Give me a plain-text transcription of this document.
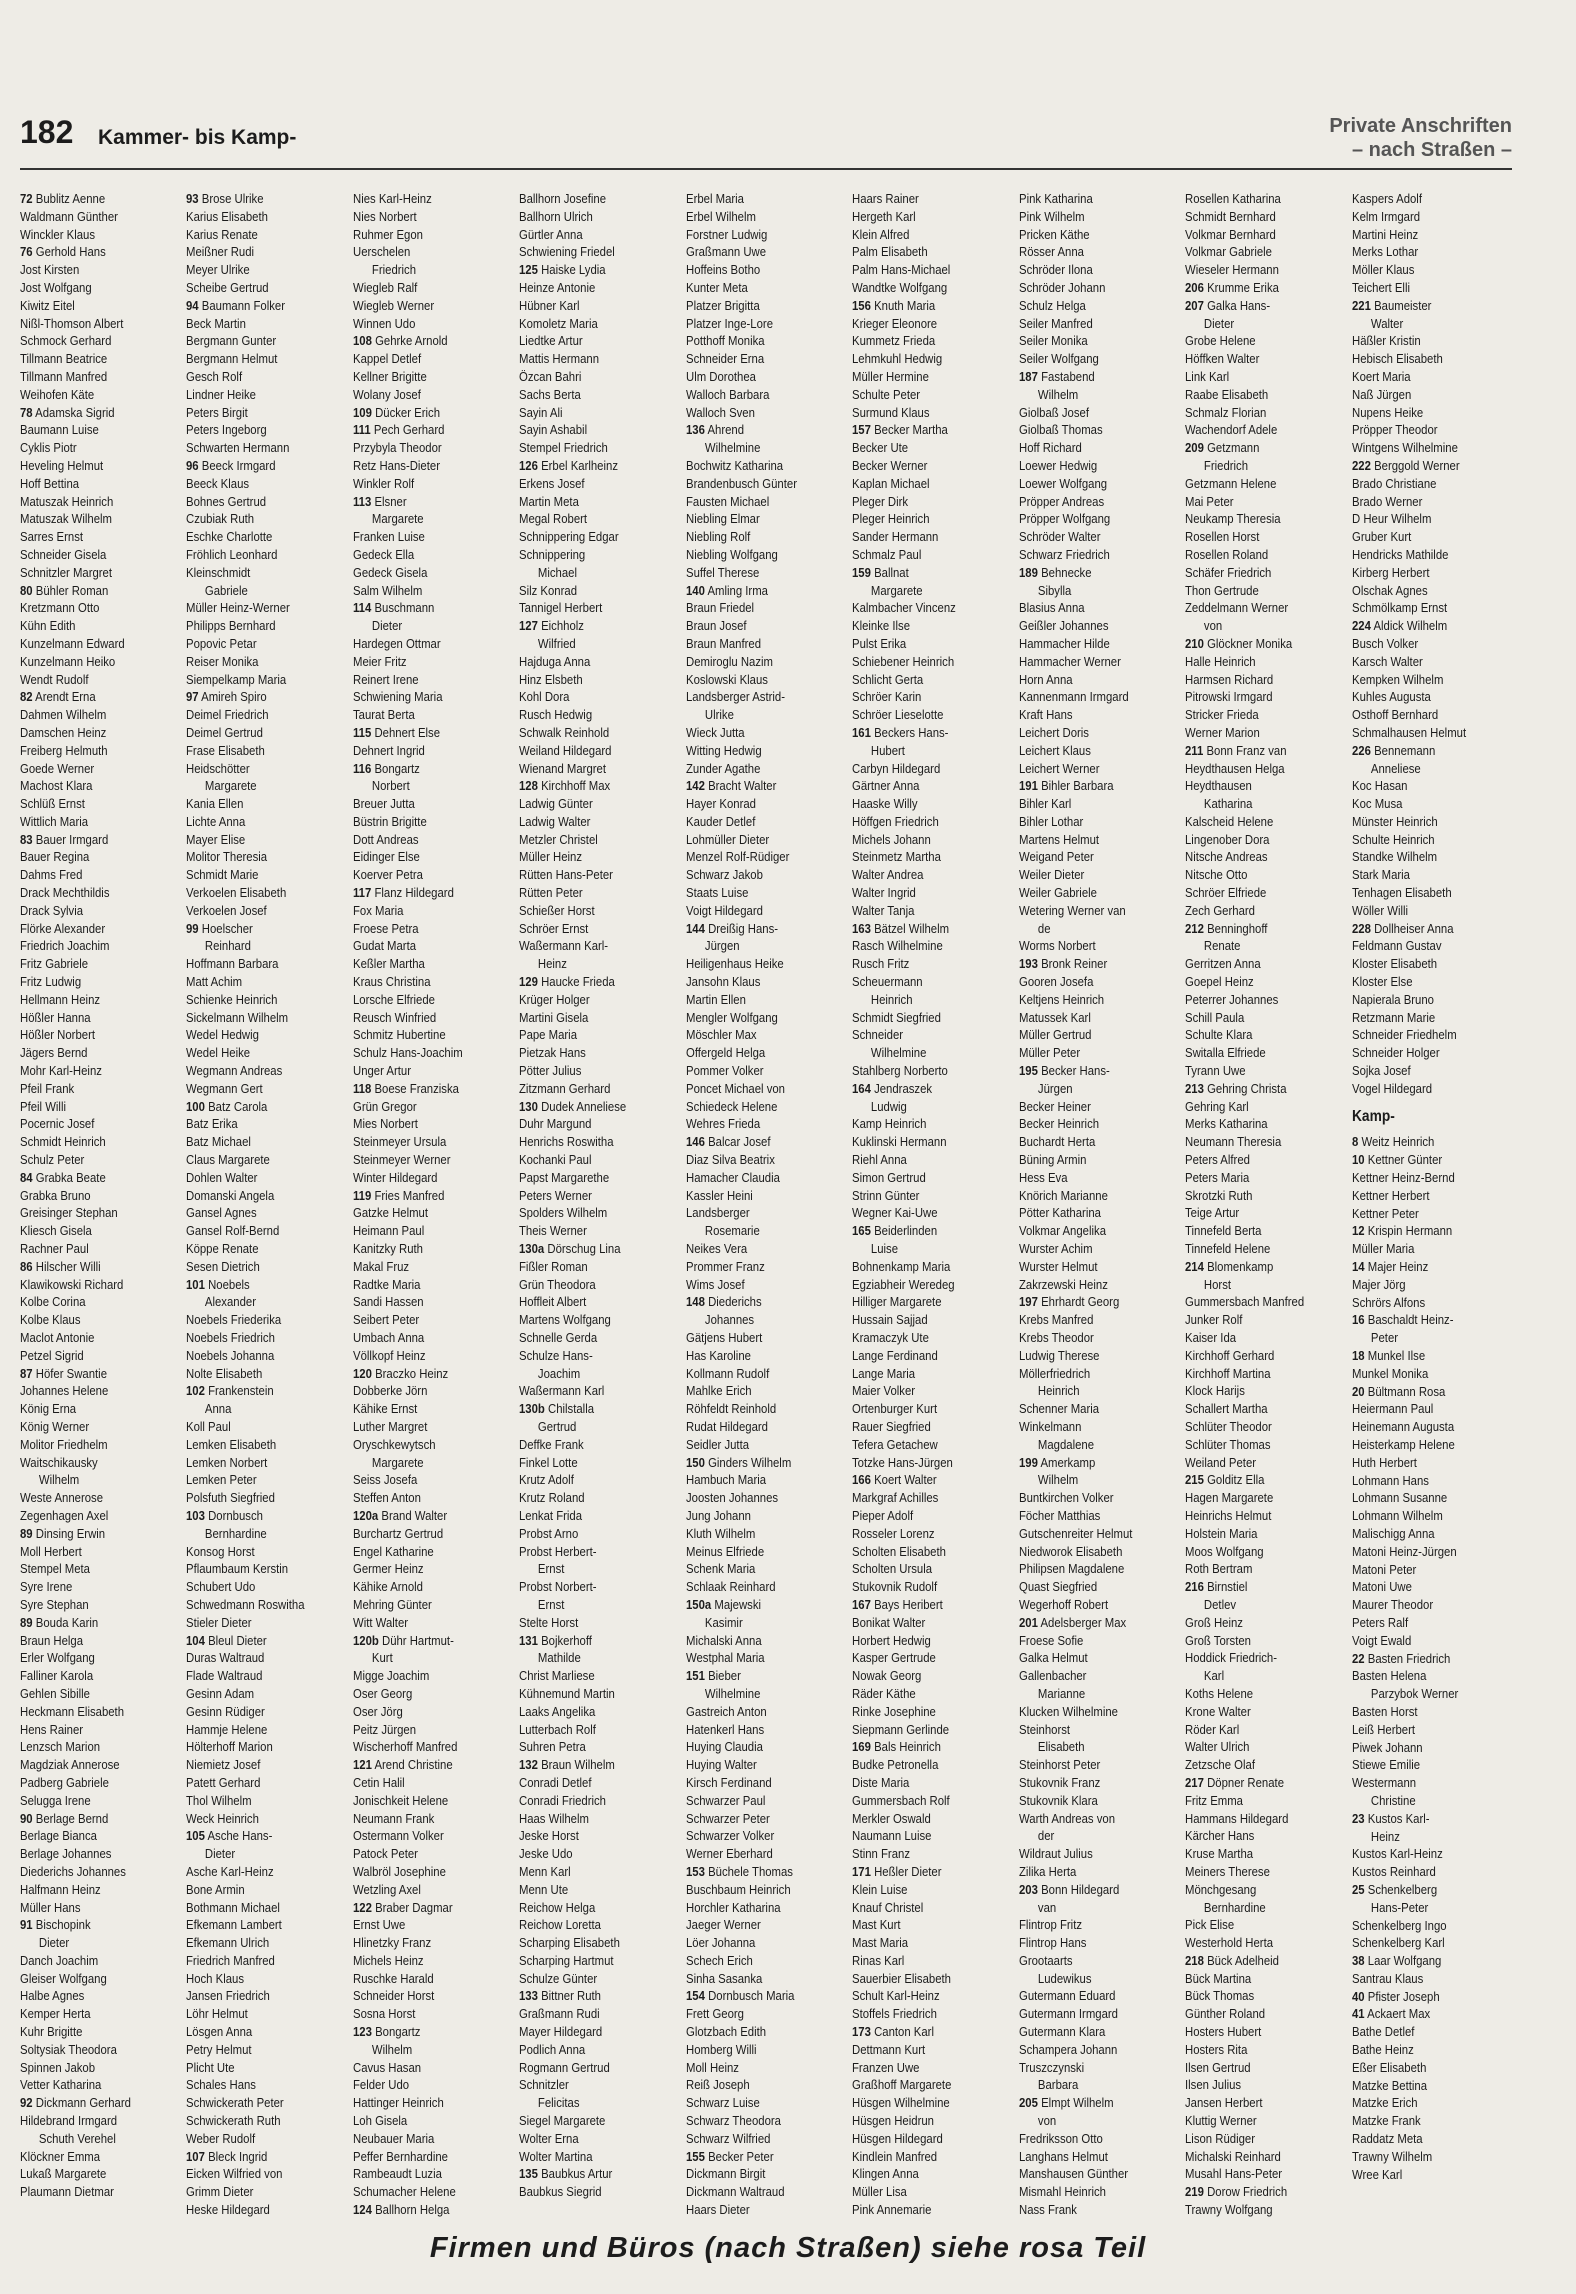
182 Kammer- bis Kamp-	Private Anschriften
– nach Straßen –
72 Bublitz Aenne
Waldmann Günther
Winckler Klaus
76 Gerhold Hans
Jost Kirsten
Jost Wolfgang
Kiwitz Eitel
Nißl-Thomson Albert
Schmock Gerhard
Tillmann Beatrice
Tillmann Manfred
Weihofen Käte
78 Adamska Sigrid
Baumann Luise
Cyklis Piotr
Heveling Helmut
Hoff Bettina
Matuszak Heinrich
Matuszak Wilhelm
Sarres Ernst
Schneider Gisela
Schnitzler Margret
80 Bühler Roman
Kretzmann Otto
Kühn Edith
Kunzelmann Edward
Kunzelmann Heiko
Wendt Rudolf
82 Arendt Erna
Dahmen Wilhelm
Damschen Heinz
Freiberg Helmuth
Goede Werner
Machost Klara
Schlüß Ernst
Wittlich Maria
83 Bauer Irmgard
Bauer Regina
Dahms Fred
Drack Mechthildis
Drack Sylvia
Flörke Alexander
Friedrich Joachim
Fritz Gabriele
Fritz Ludwig
Hellmann Heinz
Hößler Hanna
Hößler Norbert
Jägers Bernd
Mohr Karl-Heinz
Pfeil Frank
Pfeil Willi
Pocernic Josef
Schmidt Heinrich
Schulz Peter
84 Grabka Beate
Grabka Bruno
Greisinger Stephan
Kliesch Gisela
Rachner Paul
86 Hilscher Willi
Klawikowski Richard
Kolbe Corina
Kolbe Klaus
Maclot Antonie
Petzel Sigrid
87 Höfer Swantie
Johannes Helene
König Erna
König Werner
Molitor Friedhelm
Waitschikausky
Wilhelm
Weste Annerose
Zegenhagen Axel
89 Dinsing Erwin
Moll Herbert
Stempel Meta
Syre Irene
Syre Stephan
89 Bouda Karin
Braun Helga
Erler Wolfgang
Falliner Karola
Gehlen Sibille
Heckmann Elisabeth
Hens Rainer
Lenzsch Marion
Magdziak Annerose
Padberg Gabriele
Selugga Irene
90 Berlage Bernd
Berlage Bianca
Berlage Johannes
Diederichs Johannes
Halfmann Heinz
Müller Hans
91 Bischopink
Dieter
Danch Joachim
Gleiser Wolfgang
Halbe Agnes
Kemper Herta
Kuhr Brigitte
Soltysiak Theodora
Spinnen Jakob
Vetter Katharina
92 Dickmann Gerhard
Hildebrand Irmgard
Schuth Verehel
Klöckner Emma
Lukaß Margarete
Plaumann Dietmar
93 Brose Ulrike
Karius Elisabeth
Karius Renate
Meißner Rudi
Meyer Ulrike
Scheibe Gertrud
94 Baumann Folker
Beck Martin
Bergmann Gunter
Bergmann Helmut
Gesch Rolf
Lindner Heike
Peters Birgit
Peters Ingeborg
Schwarten Hermann
96 Beeck Irmgard
Beeck Klaus
Bohnes Gertrud
Czubiak Ruth
Eschke Charlotte
Fröhlich Leonhard
Kleinschmidt
Gabriele
Müller Heinz-Werner
Philipps Bernhard
Popovic Petar
Reiser Monika
Siempelkamp Maria
97 Amireh Spiro
Deimel Friedrich
Deimel Gertrud
Frase Elisabeth
Heidschötter
Margarete
Kania Ellen
Lichte Anna
Mayer Elise
Molitor Theresia
Schmidt Marie
Verkoelen Elisabeth
Verkoelen Josef
99 Hoelscher
Reinhard
Hoffmann Barbara
Matt Achim
Schienke Heinrich
Sickelmann Wilhelm
Wedel Hedwig
Wedel Heike
Wegmann Andreas
Wegmann Gert
100 Batz Carola
Batz Erika
Batz Michael
Claus Margarete
Dohlen Walter
Domanski Angela
Gansel Agnes
Gansel Rolf-Bernd
Köppe Renate
Sesen Dietrich
101 Noebels
Alexander
Noebels Friederika
Noebels Friedrich
Noebels Johanna
Nolte Elisabeth
102 Frankenstein
Anna
Koll Paul
Lemken Elisabeth
Lemken Norbert
Lemken Peter
Polsfuth Siegfried
103 Dornbusch
Bernhardine
Konsog Horst
Pflaumbaum Kerstin
Schubert Udo
Schwedmann Roswitha
Stieler Dieter
104 Bleul Dieter
Duras Waltraud
Flade Waltraud
Gesinn Adam
Gesinn Rüdiger
Hammje Helene
Hölterhoff Marion
Niemietz Josef
Patett Gerhard
Thol Wilhelm
Weck Heinrich
105 Asche Hans-
Dieter
Asche Karl-Heinz
Bone Armin
Bothmann Michael
Efkemann Lambert
Efkemann Ulrich
Friedrich Manfred
Hoch Klaus
Jansen Friedrich
Löhr Helmut
Lösgen Anna
Petry Helmut
Plicht Ute
Schales Hans
Schwickerath Peter
Schwickerath Ruth
Weber Rudolf
107 Bleck Ingrid
Eicken Wilfried von
Grimm Dieter
Heske Hildegard
Nies Karl-Heinz
Nies Norbert
Ruhmer Egon
Uerschelen
Friedrich
Wiegleb Ralf
Wiegleb Werner
Winnen Udo
108 Gehrke Arnold
Kappel Detlef
Kellner Brigitte
Wolany Josef
109 Dücker Erich
111 Pech Gerhard
Przybyla Theodor
Retz Hans-Dieter
Winkler Rolf
113 Elsner
Margarete
Franken Luise
Gedeck Ella
Gedeck Gisela
Salm Wilhelm
114 Buschmann
Dieter
Hardegen Ottmar
Meier Fritz
Reinert Irene
Schwiening Maria
Taurat Berta
115 Dehnert Else
Dehnert Ingrid
116 Bongartz
Norbert
Breuer Jutta
Büstrin Brigitte
Dott Andreas
Eidinger Else
Koerver Petra
117 Flanz Hildegard
Fox Maria
Froese Petra
Gudat Marta
Keßler Martha
Kraus Christina
Lorsche Elfriede
Reusch Winfried
Schmitz Hubertine
Schulz Hans-Joachim
Unger Artur
118 Boese Franziska
Grün Gregor
Mies Norbert
Steinmeyer Ursula
Steinmeyer Werner
Winter Hildegard
119 Fries Manfred
Gatzke Helmut
Heimann Paul
Kanitzky Ruth
Makal Fruz
Radtke Maria
Sandi Hassen
Seibert Peter
Umbach Anna
Völlkopf Heinz
120 Braczko Heinz
Dobberke Jörn
Kähike Ernst
Luther Margret
Oryschkewytsch
Margarete
Seiss Josefa
Steffen Anton
120a Brand Walter
Burchartz Gertrud
Engel Katharine
Germer Heinz
Kähike Arnold
Mehring Günter
Witt Walter
120b Dühr Hartmut-
Kurt
Migge Joachim
Oser Georg
Oser Jörg
Peitz Jürgen
Wischerhoff Manfred
121 Arend Christine
Cetin Halil
Jonischkeit Helene
Neumann Frank
Ostermann Volker
Patock Peter
Walbröl Josephine
Wetzling Axel
122 Braber Dagmar
Ernst Uwe
Hlinetzky Franz
Michels Heinz
Ruschke Harald
Schneider Horst
Sosna Horst
123 Bongartz
Wilhelm
Cavus Hasan
Felder Udo
Hattinger Heinrich
Loh Gisela
Neubauer Maria
Peffer Bernhardine
Rambeaudt Luzia
Schumacher Helene
124 Ballhorn Helga
Ballhorn Josefine
Ballhorn Ulrich
Gürtler Anna
Schwiening Friedel
125 Haiske Lydia
Heinze Antonie
Hübner Karl
Komoletz Maria
Liedtke Artur
Mattis Hermann
Özcan Bahri
Sachs Berta
Sayin Ali
Sayin Ashabil
Stempel Friedrich
126 Erbel Karlheinz
Erkens Josef
Martin Meta
Megal Robert
Schnippering Edgar
Schnippering
Michael
Silz Konrad
Tannigel Herbert
127 Eichholz
Wilfried
Hajduga Anna
Hinz Elsbeth
Kohl Dora
Rusch Hedwig
Schwalk Reinhold
Weiland Hildegard
Wienand Margret
128 Kirchhoff Max
Ladwig Günter
Ladwig Walter
Metzler Christel
Müller Heinz
Rütten Hans-Peter
Rütten Peter
Schießer Horst
Schröer Ernst
Waßermann Karl-
Heinz
129 Haucke Frieda
Krüger Holger
Martini Gisela
Pape Maria
Pietzak Hans
Pötter Julius
Zitzmann Gerhard
130 Dudek Anneliese
Duhr Margund
Henrichs Roswitha
Kochanki Paul
Papst Margarethe
Peters Werner
Spolders Wilhelm
Theis Werner
130a Dörschug Lina
Fißler Roman
Grün Theodora
Hoffleit Albert
Martens Wolfgang
Schnelle Gerda
Schulze Hans-
Joachim
Waßermann Karl
130b Chilstalla
Gertrud
Deffke Frank
Finkel Lotte
Krutz Adolf
Krutz Roland
Lenkat Frida
Probst Arno
Probst Herbert-
Ernst
Probst Norbert-
Ernst
Stelte Horst
131 Bojkerhoff
Mathilde
Christ Marliese
Kühnemund Martin
Laaks Angelika
Lutterbach Rolf
Suhren Petra
132 Braun Wilhelm
Conradi Detlef
Conradi Friedrich
Haas Wilhelm
Jeske Horst
Jeske Udo
Menn Karl
Menn Ute
Reichow Helga
Reichow Loretta
Scharping Elisabeth
Scharping Hartmut
Schulze Günter
133 Bittner Ruth
Graßmann Rudi
Mayer Hildegard
Podlich Anna
Rogmann Gertrud
Schnitzler
Felicitas
Siegel Margarete
Wolter Erna
Wolter Martina
135 Baubkus Artur
Baubkus Siegrid
Erbel Maria
Erbel Wilhelm
Forstner Ludwig
Graßmann Uwe
Hoffeins Botho
Kunter Meta
Platzer Brigitta
Platzer Inge-Lore
Potthoff Monika
Schneider Erna
Ulm Dorothea
Walloch Barbara
Walloch Sven
136 Ahrend
Wilhelmine
Bochwitz Katharina
Brandenbusch Günter
Fausten Michael
Niebling Elmar
Niebling Rolf
Niebling Wolfgang
Suffel Therese
140 Amling Irma
Braun Friedel
Braun Josef
Braun Manfred
Demiroglu Nazim
Koslowski Klaus
Landsberger Astrid-
Ulrike
Wieck Jutta
Witting Hedwig
Zunder Agathe
142 Bracht Walter
Hayer Konrad
Kauder Detlef
Lohmüller Dieter
Menzel Rolf-Rüdiger
Schwarz Jakob
Staats Luise
Voigt Hildegard
144 Dreißig Hans-
Jürgen
Heiligenhaus Heike
Jansohn Klaus
Martin Ellen
Mengler Wolfgang
Möschler Max
Offergeld Helga
Pommer Volker
Poncet Michael von
Schiedeck Helene
Wehres Frieda
146 Balcar Josef
Diaz Silva Beatrix
Hamacher Claudia
Kassler Heini
Landsberger
Rosemarie
Neikes Vera
Prommer Franz
Wims Josef
148 Diederichs
Johannes
Gätjens Hubert
Has Karoline
Kollmann Rudolf
Mahlke Erich
Röhfeldt Reinhold
Rudat Hildegard
Seidler Jutta
150 Ginders Wilhelm
Hambuch Maria
Joosten Johannes
Jung Johann
Kluth Wilhelm
Meinus Elfriede
Schenk Maria
Schlaak Reinhard
150a Majewski
Kasimir
Michalski Anna
Westphal Maria
151 Bieber
Wilhelmine
Gastreich Anton
Hatenkerl Hans
Huying Claudia
Huying Walter
Kirsch Ferdinand
Schwarzer Paul
Schwarzer Peter
Schwarzer Volker
Werner Eberhard
153 Büchele Thomas
Buschbaum Heinrich
Horchler Katharina
Jaeger Werner
Löer Johanna
Schech Erich
Sinha Sasanka
154 Dornbusch Maria
Frett Georg
Glotzbach Edith
Homberg Willi
Moll Heinz
Reiß Joseph
Schwarz Luise
Schwarz Theodora
Schwarz Wilfried
155 Becker Peter
Dickmann Birgit
Dickmann Waltraud
Haars Dieter
Haars Rainer
Hergeth Karl
Klein Alfred
Palm Elisabeth
Palm Hans-Michael
Wandtke Wolfgang
156 Knuth Maria
Krieger Eleonore
Kummetz Frieda
Lehmkuhl Hedwig
Müller Hermine
Schulte Peter
Surmund Klaus
157 Becker Martha
Becker Ute
Becker Werner
Kaplan Michael
Pleger Dirk
Pleger Heinrich
Sander Hermann
Schmalz Paul
159 Ballnat
Margarete
Kalmbacher Vincenz
Kleinke Ilse
Pulst Erika
Schiebener Heinrich
Schlicht Gerta
Schröer Karin
Schröer Lieselotte
161 Beckers Hans-
Hubert
Carbyn Hildegard
Gärtner Anna
Haaske Willy
Höffgen Friedrich
Michels Johann
Steinmetz Martha
Walter Andrea
Walter Ingrid
Walter Tanja
163 Bätzel Wilhelm
Rasch Wilhelmine
Rusch Fritz
Scheuermann
Heinrich
Schmidt Siegfried
Schneider
Wilhelmine
Stahlberg Norberto
164 Jendraszek
Ludwig
Kamp Heinrich
Kuklinski Hermann
Riehl Anna
Simon Gertrud
Strinn Günter
Wegner Kai-Uwe
165 Beiderlinden
Luise
Bohnenkamp Maria
Egziabheir Weredeg
Hilliger Margarete
Hussain Sajjad
Kramaczyk Ute
Lange Ferdinand
Lange Maria
Maier Volker
Ortenburger Kurt
Rauer Siegfried
Tefera Getachew
Totzke Hans-Jürgen
166 Koert Walter
Markgraf Achilles
Pieper Adolf
Rosseler Lorenz
Scholten Elisabeth
Scholten Ursula
Stukovnik Rudolf
167 Bays Heribert
Bonikat Walter
Horbert Hedwig
Kasper Gertrude
Nowak Georg
Räder Käthe
Rinke Josephine
Siepmann Gerlinde
169 Bals Heinrich
Budke Petronella
Diste Maria
Gummersbach Rolf
Merkler Oswald
Naumann Luise
Stinn Franz
171 Heßler Dieter
Klein Luise
Knauf Christel
Mast Kurt
Mast Maria
Rinas Karl
Sauerbier Elisabeth
Schult Karl-Heinz
Stoffels Friedrich
173 Canton Karl
Dettmann Kurt
Franzen Uwe
Graßhoff Margarete
Hüsgen Wilhelmine
Hüsgen Heidrun
Hüsgen Hildegard
Kindlein Manfred
Klingen Anna
Müller Lisa
Pink Annemarie
Pink Katharina
Pink Wilhelm
Pricken Käthe
Rösser Anna
Schröder Ilona
Schröder Johann
Schulz Helga
Seiler Manfred
Seiler Monika
Seiler Wolfgang
187 Fastabend
Wilhelm
Giolbaß Josef
Giolbaß Thomas
Hoff Richard
Loewer Hedwig
Loewer Wolfgang
Pröpper Andreas
Pröpper Wolfgang
Schröder Walter
Schwarz Friedrich
189 Behnecke
Sibylla
Blasius Anna
Geißler Johannes
Hammacher Hilde
Hammacher Werner
Horn Anna
Kannenmann Irmgard
Kraft Hans
Leichert Doris
Leichert Klaus
Leichert Werner
191 Bihler Barbara
Bihler Karl
Bihler Lothar
Martens Helmut
Weigand Peter
Weiler Dieter
Weiler Gabriele
Wetering Werner van
de
Worms Norbert
193 Bronk Reiner
Gooren Josefa
Keltjens Heinrich
Matussek Karl
Müller Gertrud
Müller Peter
195 Becker Hans-
Jürgen
Becker Heiner
Becker Heinrich
Buchardt Herta
Büning Armin
Hess Eva
Knörich Marianne
Pötter Katharina
Volkmar Angelika
Wurster Achim
Wurster Helmut
Zakrzewski Heinz
197 Ehrhardt Georg
Krebs Manfred
Krebs Theodor
Ludwig Therese
Möllerfriedrich
Heinrich
Schenner Maria
Winkelmann
Magdalene
199 Amerkamp
Wilhelm
Buntkirchen Volker
Föcher Matthias
Gutschenreiter Helmut
Niedworok Elisabeth
Philipsen Magdalene
Quast Siegfried
Wegerhoff Robert
201 Adelsberger Max
Froese Sofie
Galka Helmut
Gallenbacher
Marianne
Klucken Wilhelmine
Steinhorst
Elisabeth
Steinhorst Peter
Stukovnik Franz
Stukovnik Klara
Warth Andreas von
der
Wildraut Julius
Zilika Herta
203 Bonn Hildegard
van
Flintrop Fritz
Flintrop Hans
Grootaarts
Ludewikus
Gutermann Eduard
Gutermann Irmgard
Gutermann Klara
Schampera Johann
Truszczynski
Barbara
205 Elmpt Wilhelm
von
Fredriksson Otto
Langhans Helmut
Manshausen Günther
Mismahl Heinrich
Nass Frank
Rosellen Katharina
Schmidt Bernhard
Volkmar Bernhard
Volkmar Gabriele
Wieseler Hermann
206 Krumme Erika
207 Galka Hans-
Dieter
Grobe Helene
Höffken Walter
Link Karl
Raabe Elisabeth
Schmalz Florian
Wachendorf Adele
209 Getzmann
Friedrich
Getzmann Helene
Mai Peter
Neukamp Theresia
Rosellen Horst
Rosellen Roland
Schäfer Friedrich
Thon Gertrude
Zeddelmann Werner
von
210 Glöckner Monika
Halle Heinrich
Harmsen Richard
Pitrowski Irmgard
Stricker Frieda
Werner Marion
211 Bonn Franz van
Heydthausen Helga
Heydthausen
Katharina
Kalscheid Helene
Lingenober Dora
Nitsche Andreas
Nitsche Otto
Schröer Elfriede
Zech Gerhard
212 Benninghoff
Renate
Gerritzen Anna
Goepel Heinz
Peterrer Johannes
Schill Paula
Schulte Klara
Switalla Elfriede
Tyrann Uwe
213 Gehring Christa
Gehring Karl
Merks Katharina
Neumann Theresia
Peters Alfred
Peters Maria
Skrotzki Ruth
Teige Artur
Tinnefeld Berta
Tinnefeld Helene
214 Blomenkamp
Horst
Gummersbach Manfred
Junker Rolf
Kaiser Ida
Kirchhoff Gerhard
Kirchhoff Martina
Klock Harijs
Schallert Martha
Schlüter Theodor
Schlüter Thomas
Weiland Peter
215 Golditz Ella
Hagen Margarete
Heinrichs Helmut
Holstein Maria
Moos Wolfgang
Roth Bertram
216 Birnstiel
Detlev
Groß Heinz
Groß Torsten
Hoddick Friedrich-
Karl
Koths Helene
Krone Walter
Röder Karl
Walter Ulrich
Zetzsche Olaf
217 Döpner Renate
Fritz Emma
Hammans Hildegard
Kärcher Hans
Kruse Martha
Meiners Therese
Mönchgesang
Bernhardine
Pick Elise
Westerhold Herta
218 Bück Adelheid
Bück Martina
Bück Thomas
Günther Roland
Hosters Hubert
Hosters Rita
Ilsen Gertrud
Ilsen Julius
Jansen Herbert
Kluttig Werner
Lison Rüdiger
Michalski Reinhard
Musahl Hans-Peter
219 Dorow Friedrich
Trawny Wolfgang
Kaspers Adolf
Kelm Irmgard
Martini Heinz
Merks Lothar
Möller Klaus
Teichert Elli
221 Baumeister
Walter
Häßler Kristin
Hebisch Elisabeth
Koert Maria
Naß Jürgen
Nupens Heike
Pröpper Theodor
Wintgens Wilhelmine
222 Berggold Werner
Brado Christiane
Brado Werner
D Heur Wilhelm
Gruber Kurt
Hendricks Mathilde
Kirberg Herbert
Olschak Agnes
Schmölkamp Ernst
224 Aldick Wilhelm
Busch Volker
Karsch Walter
Kempken Wilhelm
Kuhles Augusta
Osthoff Bernhard
Schmalhausen Helmut
226 Bennemann
Anneliese
Koc Hasan
Koc Musa
Münster Heinrich
Schulte Heinrich
Standke Wilhelm
Stark Maria
Tenhagen Elisabeth
Wöller Willi
228 Dollheiser Anna
Feldmann Gustav
Kloster Elisabeth
Kloster Else
Napierala Bruno
Retzmann Marie
Schneider Friedhelm
Schneider Holger
Sojka Josef
Vogel Hildegard
Kamp-
8 Weitz Heinrich
10 Kettner Günter
Kettner Heinz-Bernd
Kettner Herbert
Kettner Peter
12 Krispin Hermann
Müller Maria
14 Majer Heinz
Majer Jörg
Schrörs Alfons
16 Baschaldt Heinz-
Peter
18 Munkel Ilse
Munkel Monika
20 Bültmann Rosa
Heiermann Paul
Heinemann Augusta
Heisterkamp Helene
Huth Herbert
Lohmann Hans
Lohmann Susanne
Lohmann Wilhelm
Malischigg Anna
Matoni Heinz-Jürgen
Matoni Peter
Matoni Uwe
Maurer Theodor
Peters Ralf
Voigt Ewald
22 Basten Friedrich
Basten Helena
Parzybok Werner
Basten Horst
Leiß Herbert
Piwek Johann
Stiewe Emilie
Westermann
Christine
23 Kustos Karl-
Heinz
Kustos Karl-Heinz
Kustos Reinhard
25 Schenkelberg
Hans-Peter
Schenkelberg Ingo
Schenkelberg Karl
38 Laar Wolfgang
Santrau Klaus
40 Pfister Joseph
41 Ackaert Max
Bathe Detlef
Bathe Heinz
Eßer Elisabeth
Matzke Bettina
Matzke Erich
Matzke Frank
Raddatz Meta
Trawny Wilhelm
Wree Karl
Firmen und Büros (nach Straßen) siehe rosa Teil
